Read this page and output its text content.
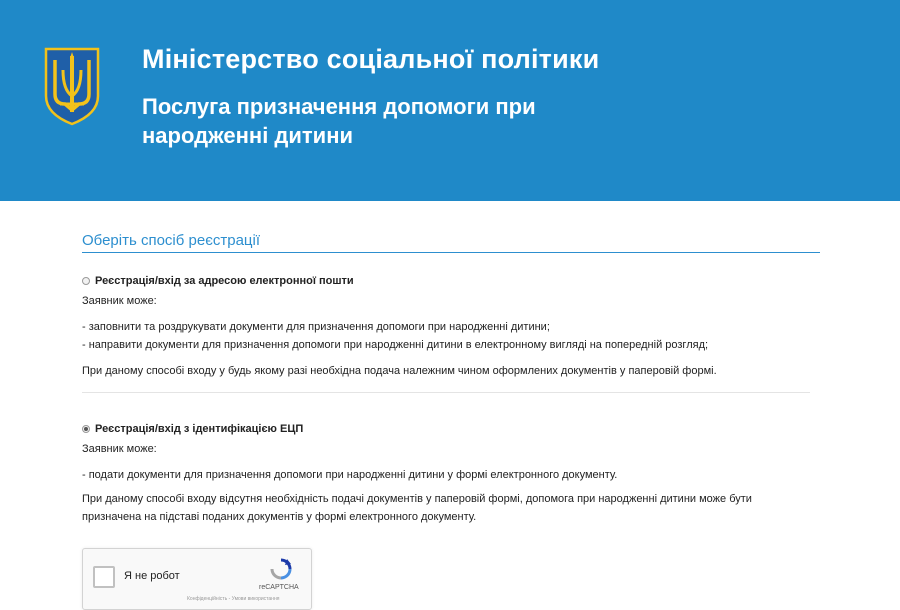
Міністерство соціальної політики
Послуга призначення допомоги при народженні дитини
Оберіть спосіб реєстрації
Реєстрація/вхід за адресою електронної пошти

Заявник може:

- заповнити та роздрукувати документи для призначення допомоги при народженні дитини;

- направити документи для призначення допомоги при народженні дитини в електронному вигляді на попередній розгляд;

При даному способі входу у будь якому разі необхідна подача належним чином оформлених документів у паперовій формі.

Реєстрація/вхід з ідентифікацією ЕЦП

Заявник може:

- подати документи для призначення допомоги при народженні дитини у формі електронного документу.

При даному способі входу відсутня необхідність подачі документів у паперовій формі, допомога при народженні дитини може бути призначена на підставі поданих документів у формі електронного документу.

Я не робот
reCAPTCHA
Конфіденційність - Умови використання
